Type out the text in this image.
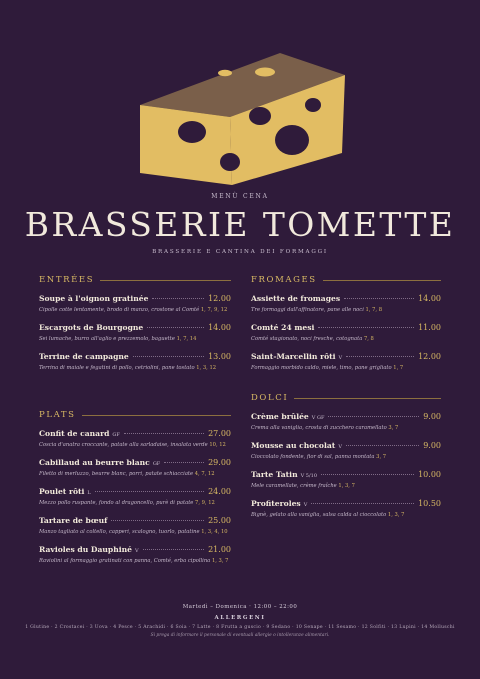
MENÙ CENA
BRASSERIE TOMETTE
BRASSERIE E CANTINA DEI FORMAGGI
ENTRÉES
Soupe à l'oignon gratinée	12.00
Cipolle cotte lentamente, brodo di manzo, crostone al Comté 1, 7, 9, 12
Escargots de Bourgogne	14.00
Sei lumache, burro all'aglio e prezzemolo, baguette 1, 7, 14
Terrine de campagne	13.00
Terrina di maiale e fegatini di pollo, cetriolini, pane tostato 1, 3, 12
PLATS
Confit de canard GF	27.00
Coscia d'anatra croccante, patate alla sarladaise, insalata verde 10, 12
Cabillaud au beurre blanc GF	29.00
Filetto di merluzzo, beurre blanc, porri, patate schiacciate 4, 7, 12
Poulet rôti L	24.00
Mezzo pollo ruspante, fondo al dragoncello, purè di patate 7, 9, 12
Tartare de bœuf	25.00
Manzo tagliato al coltello, capperi, scalogno, tuorlo, patatine 1, 3, 4, 10
Ravioles du Dauphiné V	21.00
Raviolini al formaggio gratinati con panna, Comté, erba cipollina 1, 3, 7
FROMAGES
Assiette de fromages	14.00
Tre formaggi dall'affinatore, pane alle noci 1, 7, 8
Comté 24 mesi	11.00
Comté stagionato, noci fresche, cotognata 7, 8
Saint-Marcellin rôti V	12.00
Formaggio morbido caldo, miele, timo, pane grigliato 1, 7
DOLCI
Crème brûlée V GF	9.00
Crema alla vaniglia, crosta di zucchero caramellato 3, 7
Mousse au chocolat V	9.00
Cioccolato fondente, fior di sal, panna montata 3, 7
Tarte Tatin V 5/10	10.00
Mele caramellate, crème fraîche 1, 3, 7
Profiteroles V	10.50
Bignè, gelato alla vaniglia, salsa calda al cioccolato 1, 3, 7
Martedì – Domenica · 12:00 – 22:00
ALLERGENI
1 Glutine · 2 Crostacei · 3 Uova · 4 Pesce · 5 Arachidi · 6 Soia · 7 Latte · 8 Frutta a guscio · 9 Sedano · 10 Senape · 11 Sesamo · 12 Solfiti · 13 Lupini · 14 Molluschi
Si prega di informare il personale di eventuali allergie o intolleranze alimentari.
